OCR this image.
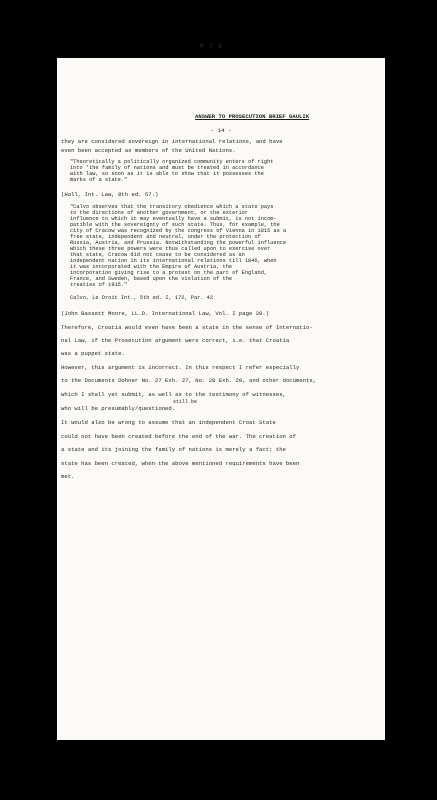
0 7 6
ANSWER TO PROSECUTION BRIEF GAULIK
- 14 -
they are considered sovereign in international relations, and have
even been accepted as members of the United Nations.
"Theoretically a politically organized community enters of right
into 'the family of nations and must be treated in accordance
with law, so soon as it is able to show that it possesses the
marks of a state."
(Hall, Int. Law, 8th ed. 57.)
"Calvo observes that the transitory obedience which a state pays
to the directions of another government, or the exterior
influence to which it may eventually have a submit, is not incom-
patible with the sovereignty of such state. Thus, for example, the
city of Cracow was recognized by the congress of Vienna in 1815 as a
free state, independent and neutral, under the protection of
Russia, Austria, and Prussia. Notwithstanding the powerful influence
which these three powers were thus called upon to exercise over
that state, Cracow did not cease to be considered as an
independent nation in its international relations till 1846, when
it was incorporated with the Empire of Austria, the
incorporation giving rise to a protest on the part of England,
France, and Sweden, based upon the violation of the
treaties of 1815."
Calvo, Le Droit Int., 5th ed. I, 172, Par. 42
(John Bassett Moore, LL.D. International Law, Vol. I page 20.)
Therefore, Croatia would even have been a state in the sense of Internatio-
nal Law, if the Prosecution argument were correct, i.e. that Croatia
was a puppet state.
However, this argument is incorrect. In this respect I refer especially
to the Documents Dohner No. 27 Exh. 27, No. 28 Exh. 28, and other documents,
which I shall yet submit, as well as to the testimony of witnesses,
still be
who will be presumably/questioned.
It would also be wrong to assume that an independent Croat State
could not have been created before the end of the war. The creation of
a state and its joining the family of nations is merely a fact; the
state has been created, when the above mentioned requirements have been
met.
